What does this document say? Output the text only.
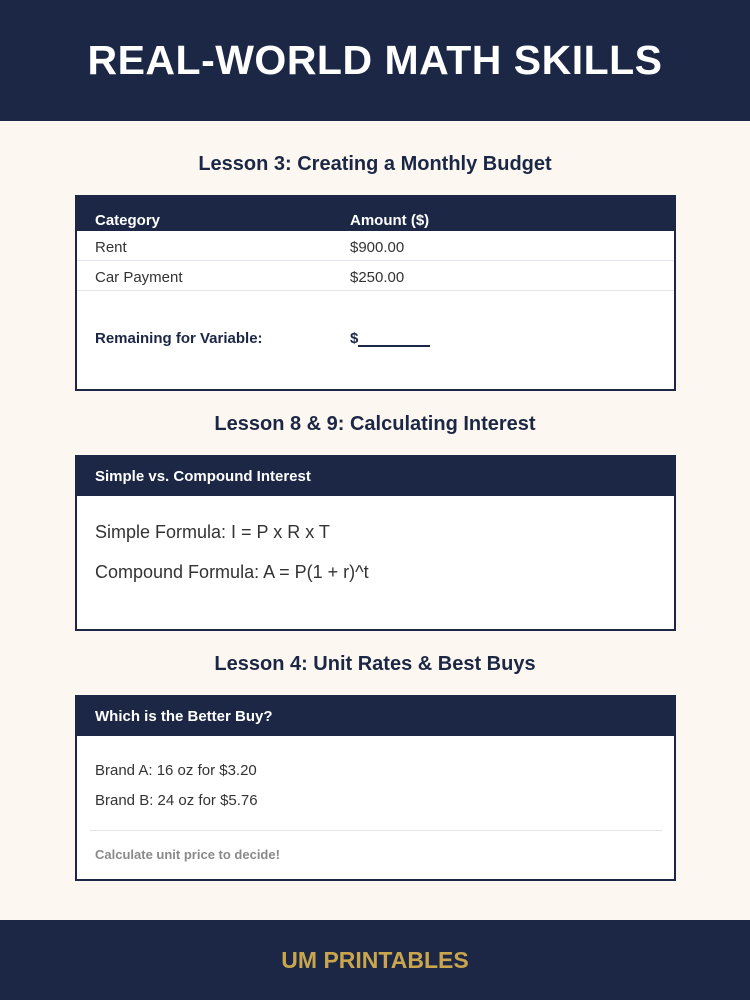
REAL-WORLD MATH SKILLS
Lesson 3: Creating a Monthly Budget
Category	Amount ($)
Rent	$900.00
Car Payment	$250.00
Remaining for Variable:	$
Lesson 8 & 9: Calculating Interest
Simple vs. Compound Interest
Simple Formula: I = P x R x T
Compound Formula: A = P(1 + r)^t
Lesson 4: Unit Rates & Best Buys
Which is the Better Buy?
Brand A: 16 oz for $3.20
Brand B: 24 oz for $5.76
Calculate unit price to decide!
UM PRINTABLES
